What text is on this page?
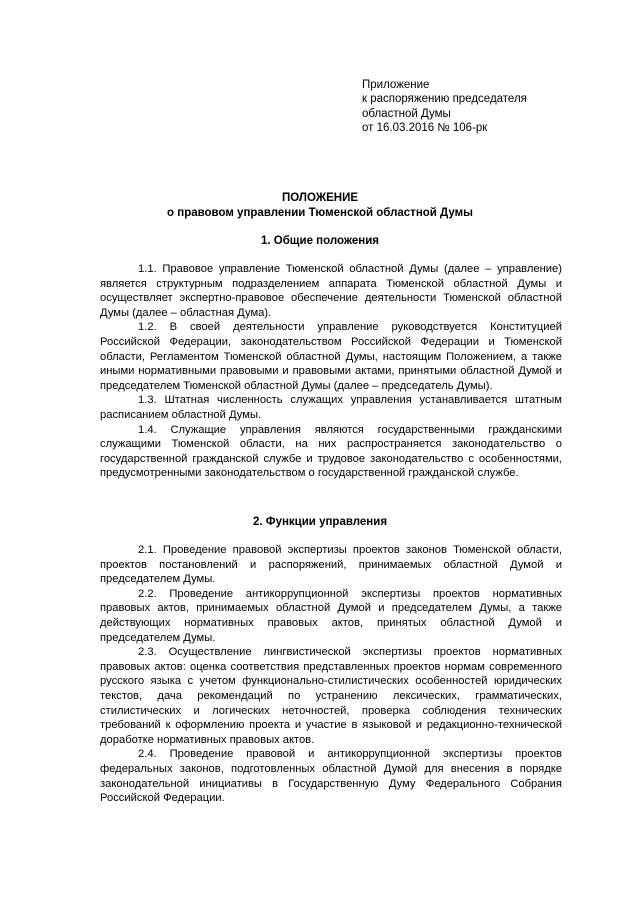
Приложение
к распоряжению председателя
областной Думы
от 16.03.2016 № 106-рк
ПОЛОЖЕНИЕ
о правовом управлении Тюменской областной Думы
1. Общие положения

1.1. Правовое управление Тюменской областной Думы (далее – управление) является структурным подразделением аппарата Тюменской областной Думы и осуществляет экспертно-правовое обеспечение деятельности Тюменской областной Думы (далее – областная Дума).

1.2. В своей деятельности управление руководствуется Конституцией Российской Федерации, законодательством Российской Федерации и Тюменской области, Регламентом Тюменской областной Думы, настоящим Положением, а также иными нормативными правовыми и правовыми актами, принятыми областной Думой и председателем Тюменской областной Думы (далее – председатель Думы).

1.3. Штатная численность служащих управления устанавливается штатным расписанием областной Думы.

1.4. Служащие управления являются государственными гражданскими служащими Тюменской области, на них распространяется законодательство о государственной гражданской службе и трудовое законодательство с особенностями, предусмотренными законодательством о государственной гражданской службе.

2. Функции управления

2.1. Проведение правовой экспертизы проектов законов Тюменской области, проектов постановлений и распоряжений, принимаемых областной Думой и председателем Думы.

2.2. Проведение антикоррупционной экспертизы проектов нормативных правовых актов, принимаемых областной Думой и председателем Думы, а также действующих нормативных правовых актов, принятых областной Думой и председателем Думы.

2.3. Осуществление лингвистической экспертизы проектов нормативных правовых актов: оценка соответствия представленных проектов нормам современного русского языка с учетом функционально-стилистических особенностей юридических текстов, дача рекомендаций по устранению лексических, грамматических, стилистических и логических неточностей, проверка соблюдения технических требований к оформлению проекта и участие в языковой и редакционно-технической доработке нормативных правовых актов.

2.4. Проведение правовой и антикоррупционной экспертизы проектов федеральных законов, подготовленных областной Думой для внесения в порядке законодательной инициативы в Государственную Думу Федерального Собрания Российской Федерации.
